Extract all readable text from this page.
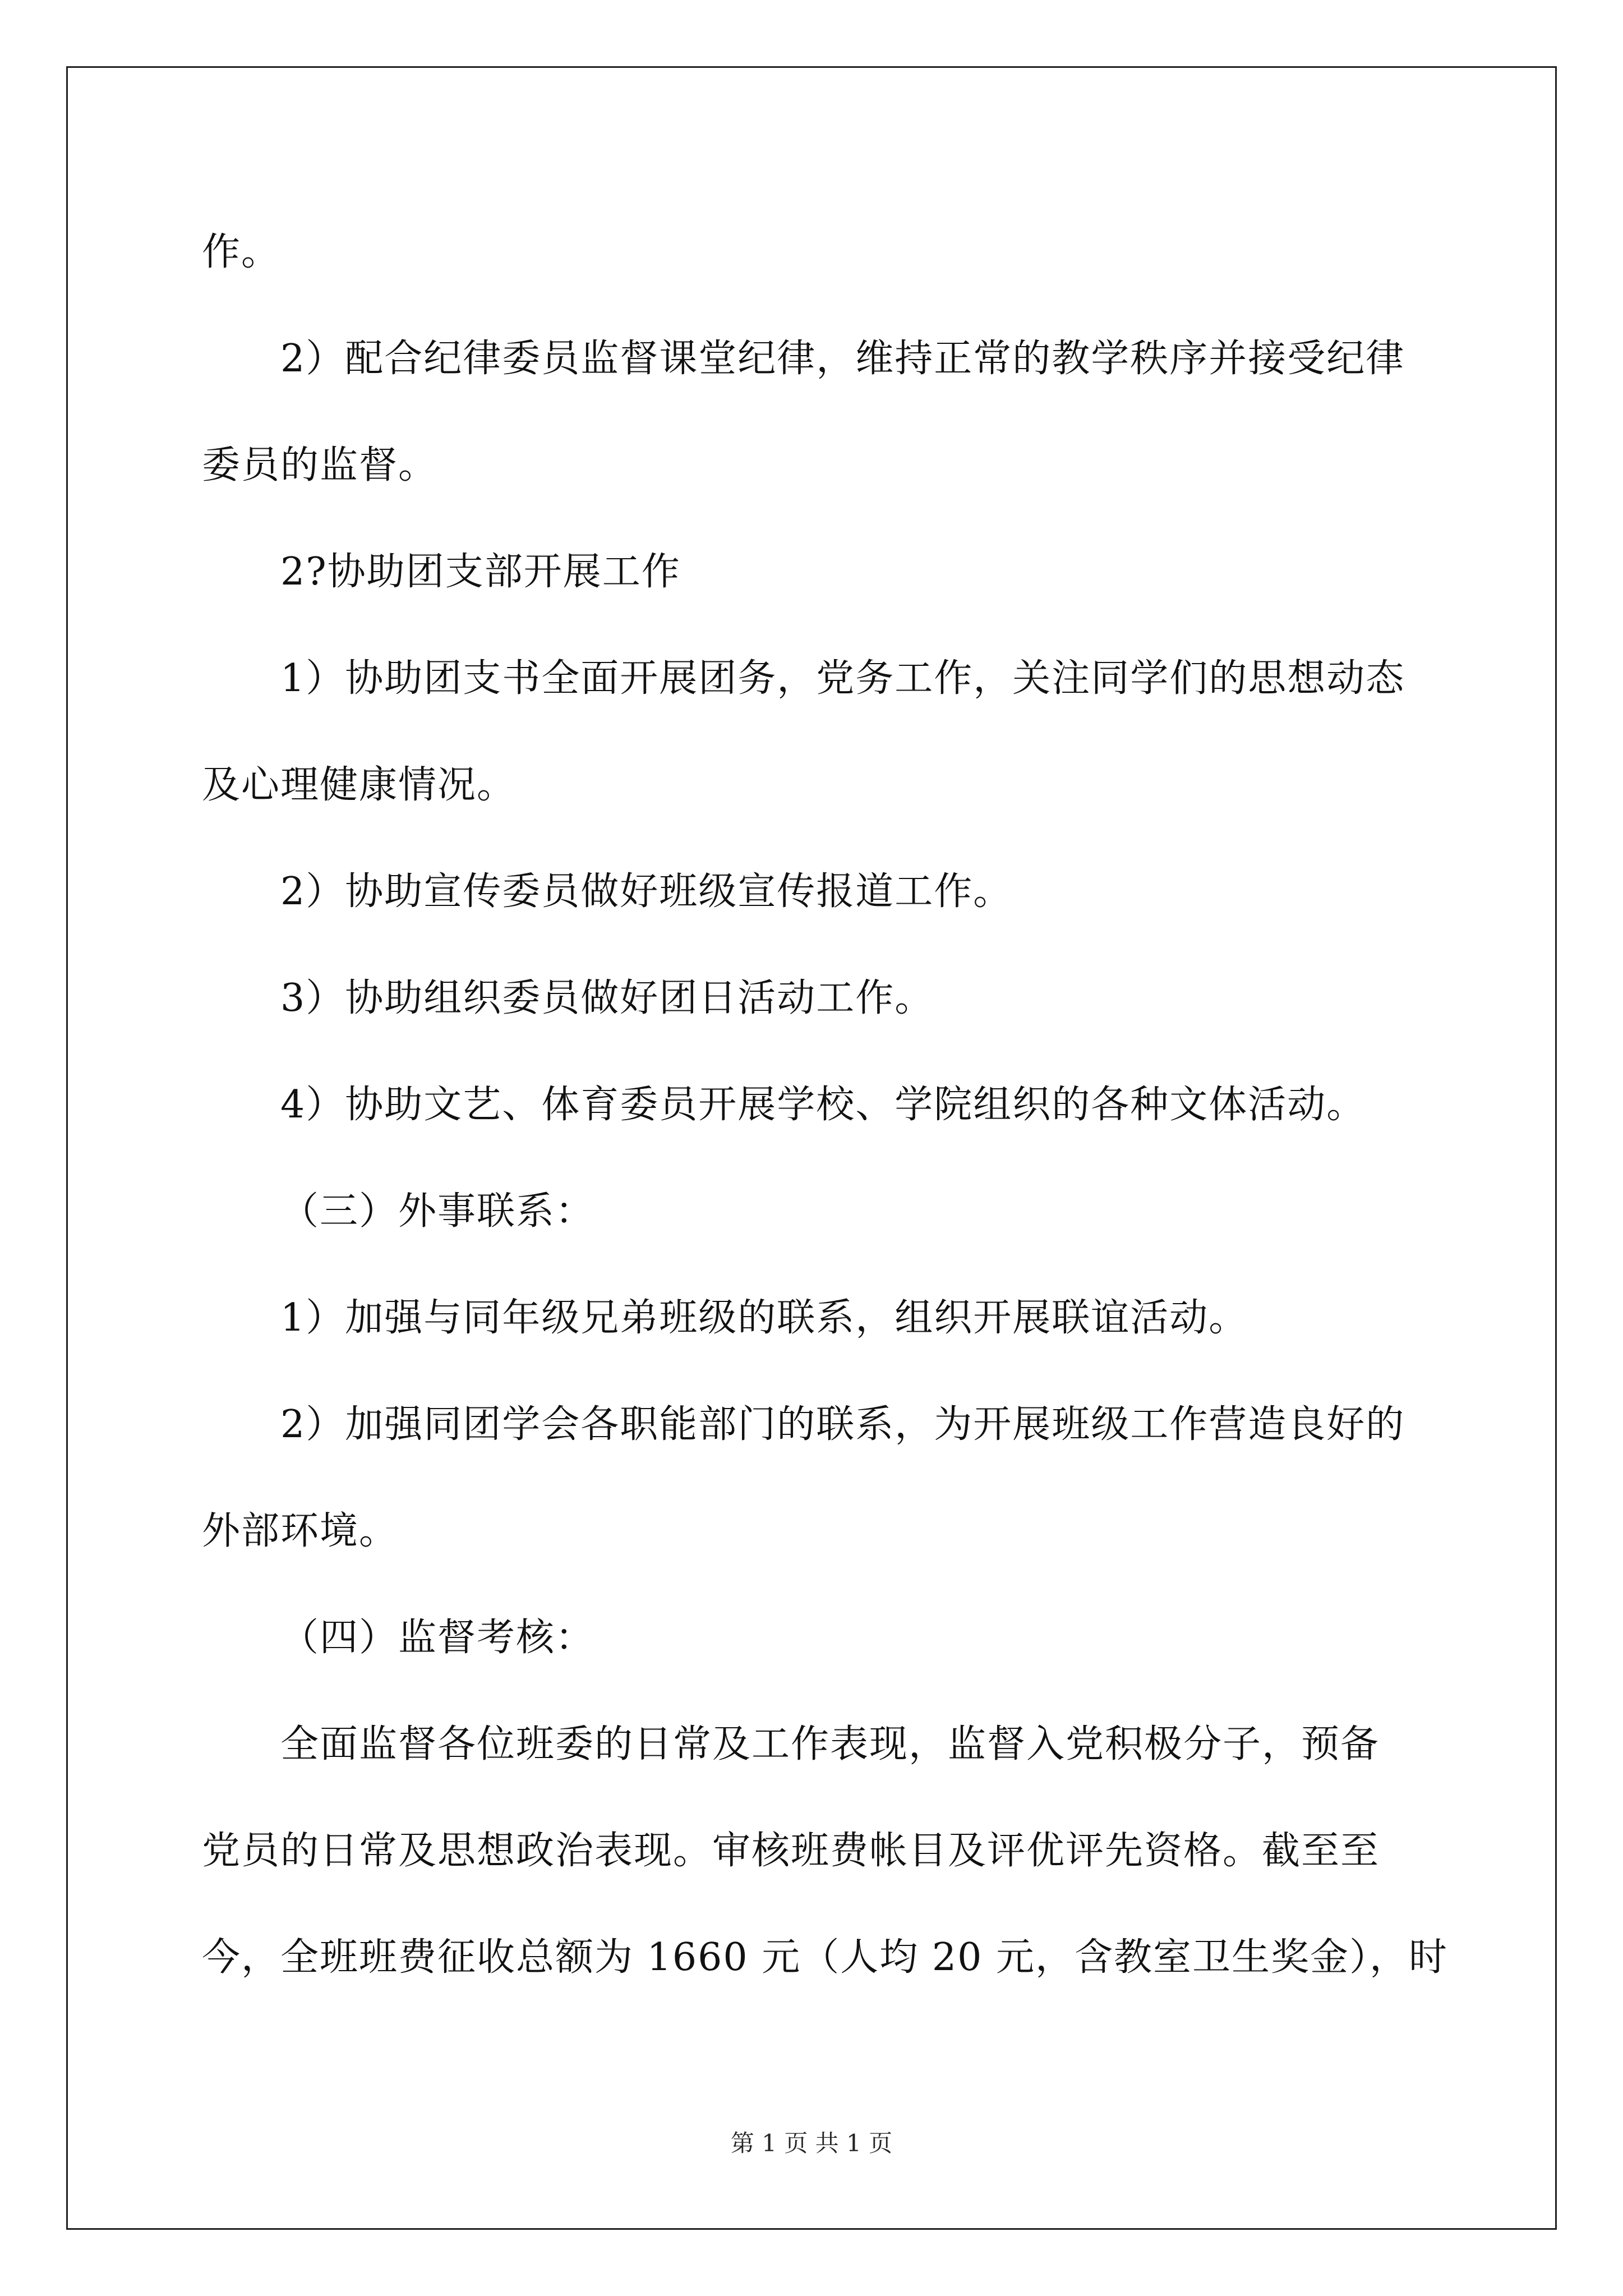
作。
2）配合纪律委员监督课堂纪律，维持正常的教学秩序并接受纪律
委员的监督。
2?协助团支部开展工作
1）协助团支书全面开展团务，党务工作，关注同学们的思想动态
及心理健康情况。
2）协助宣传委员做好班级宣传报道工作。
3）协助组织委员做好团日活动工作。
4）协助文艺、体育委员开展学校、学院组织的各种文体活动。
（三）外事联系：
1）加强与同年级兄弟班级的联系，组织开展联谊活动。
2）加强同团学会各职能部门的联系，为开展班级工作营造良好的
外部环境。
（四）监督考核：
全面监督各位班委的日常及工作表现，监督入党积极分子，预备
党员的日常及思想政治表现。审核班费帐目及评优评先资格。截至至
今，全班班费征收总额为 1660 元（人均 20 元，含教室卫生奖金），时
第 1 页 共 1 页
